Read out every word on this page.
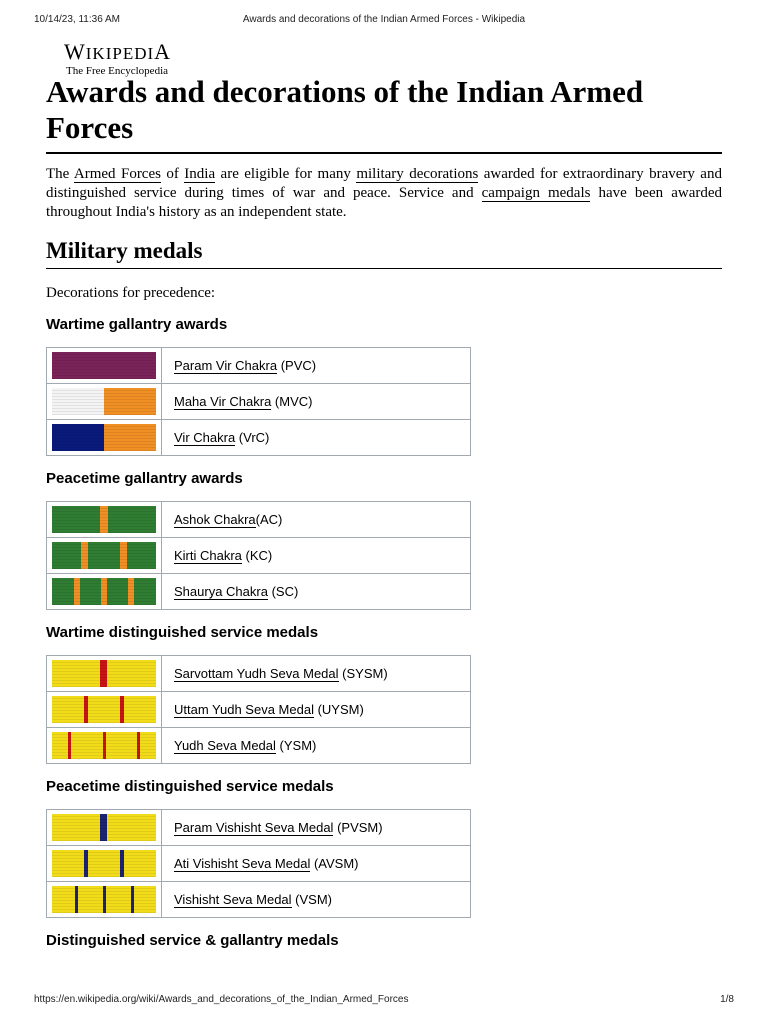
10/14/23, 11:36 AM	Awards and decorations of the Indian Armed Forces - Wikipedia
WIKIPEDIA
The Free Encyclopedia
Awards and decorations of the Indian Armed Forces

The Armed Forces of India are eligible for many military decorations awarded for extraordinary bravery and distinguished service during times of war and peace. Service and campaign medals have been awarded throughout India's history as an independent state.

Military medals

Decorations for precedence:

Wartime gallantry awards
	Param Vir Chakra (PVC)

	Maha Vir Chakra (MVC)

	Vir Chakra (VrC)
Peacetime gallantry awards
	Ashok Chakra(AC)

	Kirti Chakra (KC)

	Shaurya Chakra (SC)
Wartime distinguished service medals
	Sarvottam Yudh Seva Medal (SYSM)

	Uttam Yudh Seva Medal (UYSM)

	Yudh Seva Medal (YSM)
Peacetime distinguished service medals
	Param Vishisht Seva Medal (PVSM)

	Ati Vishisht Seva Medal (AVSM)

	Vishisht Seva Medal (VSM)
Distinguished service & gallantry medals
https://en.wikipedia.org/wiki/Awards_and_decorations_of_the_Indian_Armed_Forces	1/8
